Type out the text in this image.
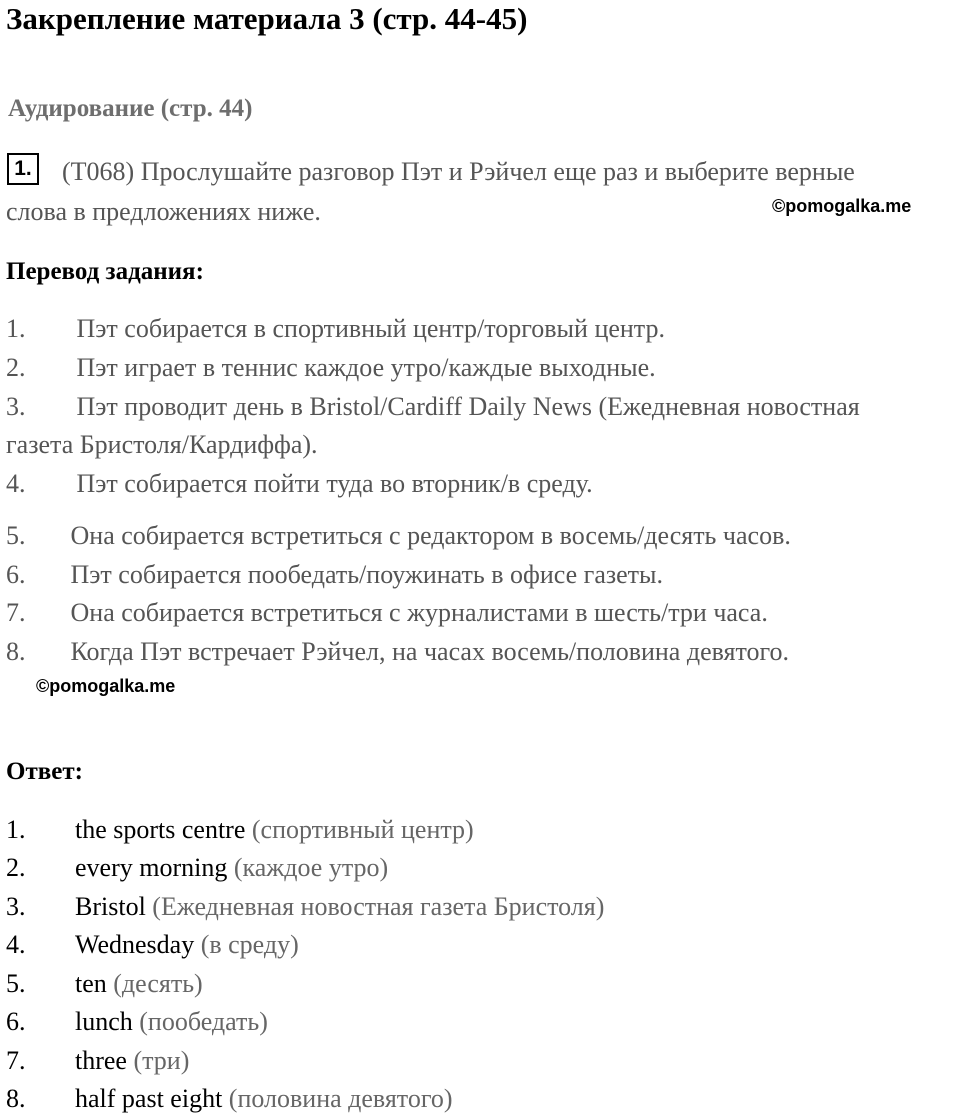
Закрепление материала 3 (стр. 44-45)
Аудирование (стр. 44)
1. (T068) Прослушайте разговор Пэт и Рэйчел еще раз и выберите верные
слова в предложениях ниже.	©pomogalka.me
Перевод задания:
1. Пэт собирается в спортивный центр/торговый центр.
2. Пэт играет в теннис каждое утро/каждые выходные.
3. Пэт проводит день в Bristol/Cardiff Daily News (Ежедневная новостная
газета Бристоля/Кардиффа).
4. Пэт собирается пойти туда во вторник/в среду.
5. Она собирается встретиться с редактором в восемь/десять часов.
6. Пэт собирается пообедать/поужинать в офисе газеты.
7. Она собирается встретиться с журналистами в шесть/три часа.
8. Когда Пэт встречает Рэйчел, на часах восемь/половина девятого.
©pomogalka.me
Ответ:
1. the sports centre (спортивный центр)
2. every morning (каждое утро)
3. Bristol (Ежедневная новостная газета Бристоля)
4. Wednesday (в среду)
5. ten (десять)
6. lunch (пообедать)
7. three (три)
8. half past eight (половина девятого)
